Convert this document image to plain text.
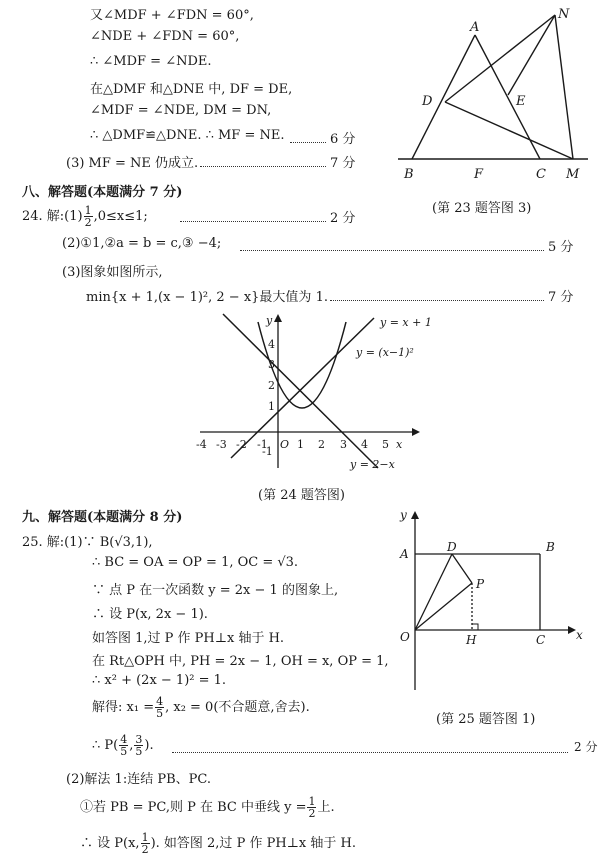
又∠MDF + ∠FDN = 60°,
∠NDE + ∠FDN = 60°,
∴ ∠MDF = ∠NDE.
在△DMF 和△DNE 中, DF = DE,
∠MDF = ∠NDE, DM = DN,
∴ △DMF≌△DNE. ∴ MF = NE.	6 分
(3) MF = NE 仍成立.	7 分
A
N
D	E
B	F	C M
(第 23 题答图 3)
八、解答题(本题满分 7 分)
24. 解:(1) $\frac{1}{2} ,0\le x\le 1$;	2 分
(2)①1,②a = b = c,③ −4;	5 分
(3)图象如图所示,
min{x + 1,(x − 1)², 2 − x}最大值为 1.	7 分
-4 -3 -2 -1 O 1 2 3 4 5 x
4
3
2
1
-1
y	y = x + 1
y = (x−1)²
y = 2−x
(第 24 题答图)
九、解答题(本题满分 8 分)
25. 解:(1)∵ B(√3,1),
∴ BC = OA = OP = 1, OC = √3.
∵ 点 P 在一次函数 y = 2x − 1 的图象上,
∴ 设 P(x, 2x − 1).
如答图 1,过 P 作 PH⊥x 轴于 H.
在 Rt△OPH 中, PH = 2x − 1, OH = x, OP = 1,
∴ x² + (2x − 1)² = 1.
解得: $x_1 = \frac{4}{5}$ , x₂ = 0(不合题意,舍去).
∴ $P( \frac{4}{5}$ , $\frac{3}{5}$ ).	2 分
(2)解法 1:连结 PB、PC.
①若 PB = PC,则 P 在 BC 中垂线 $y = \frac{1}{2}$ 上.
∴ 设 P(x, $\frac{1}{2}$ ). 如答图 2,过 P 作 PH⊥x 轴于 H.
y
A	D	B
P
O	H	C	x
(第 25 题答图 1)
